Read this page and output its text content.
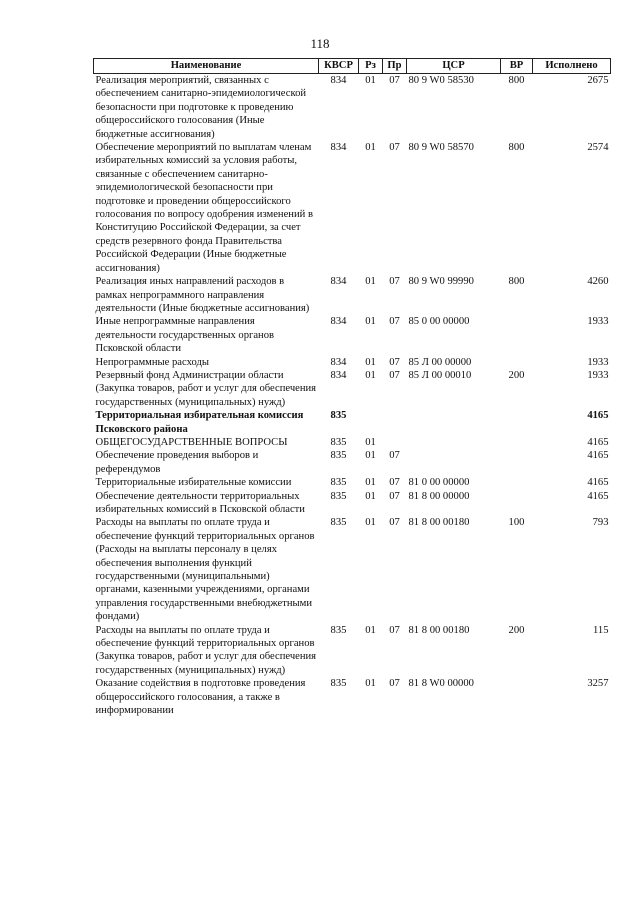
118
Наименование	КВСР	Рз	Пр	ЦСР	ВР	Исполнено
Реализация мероприятий, связанных с обеспечением санитарно-эпидемиологической безопасности при подготовке к проведению общероссийского голосования (Иные бюджетные ассигнования)	834	01	07	80 9 W0 58530	800	2675
Обеспечение мероприятий по выплатам членам избирательных комиссий за условия работы, связанные с обеспечением санитарно-эпидемиологической безопасности при подготовке и проведении общероссийского голосования по вопросу одобрения изменений в Конституцию Российской Федерации, за счет средств резервного фонда Правительства Российской Федерации (Иные бюджетные ассигнования)	834	01	07	80 9 W0 58570	800	2574
Реализация иных направлений расходов в рамках непрограммного направления деятельности (Иные бюджетные ассигнования)	834	01	07	80 9 W0 99990	800	4260
Иные непрограммные направления деятельности государственных органов Псковской области	834	01	07	85 0 00 00000		1933
Непрограммные расходы	834	01	07	85 Л 00 00000		1933
Резервный фонд Администрации области (Закупка товаров, работ и услуг для обеспечения государственных (муниципальных) нужд)	834	01	07	85 Л 00 00010	200	1933
Территориальная избирательная комиссия Псковского района	835					4165
ОБЩЕГОСУДАРСТВЕННЫЕ ВОПРОСЫ	835	01				4165
Обеспечение проведения выборов и референдумов	835	01	07			4165
Территориальные избирательные комиссии	835	01	07	81 0 00 00000		4165
Обеспечение деятельности территориальных избирательных комиссий в Псковской области	835	01	07	81 8 00 00000		4165
Расходы на выплаты по оплате труда и обеспечение функций территориальных органов (Расходы на выплаты персоналу в целях обеспечения выполнения функций государственными (муниципальными) органами, казенными учреждениями, органами управления государственными внебюджетными фондами)	835	01	07	81 8 00 00180	100	793
Расходы на выплаты по оплате труда и обеспечение функций территориальных органов (Закупка товаров, работ и услуг для обеспечения государственных (муниципальных) нужд)	835	01	07	81 8 00 00180	200	115
Оказание содействия в подготовке проведения общероссийского голосования, а также в информировании	835	01	07	81 8 W0 00000		3257
